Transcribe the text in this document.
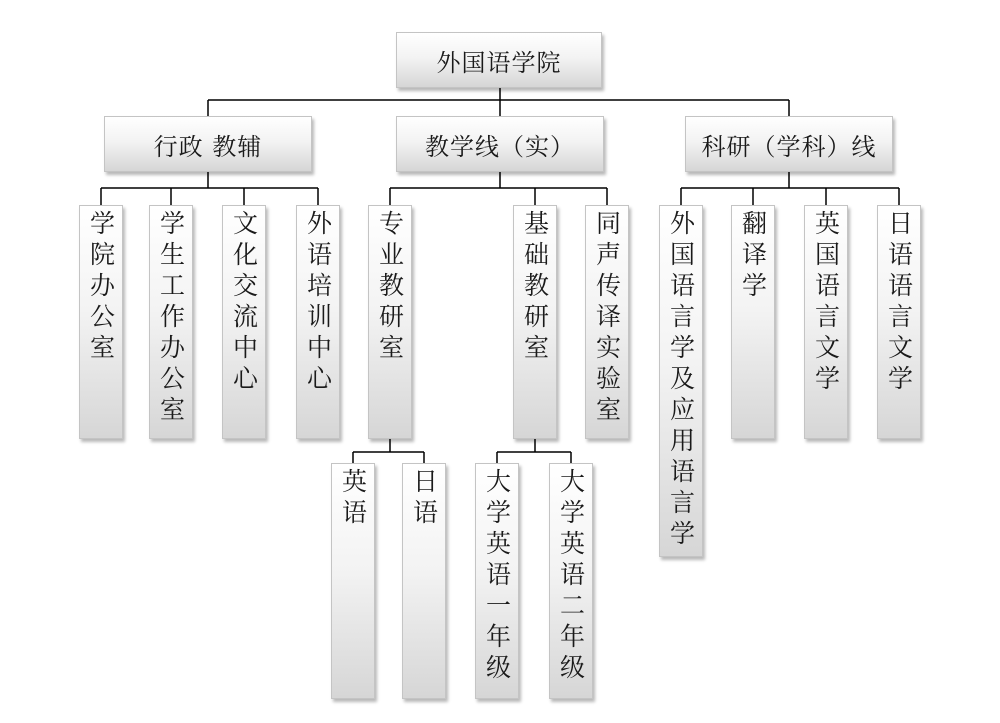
外国语学院
行政 教辅	教学线（实）	科研（学科）线
学院办公室	学生工作办公室	文化交流中心	外语培训中心	专业教研室	基础教研室	同声传译实验室	外国语言学及应用语言学	翻译学	英国语言文学	日语语言文学
英语	日语	大学英语一年级	大学英语二年级
